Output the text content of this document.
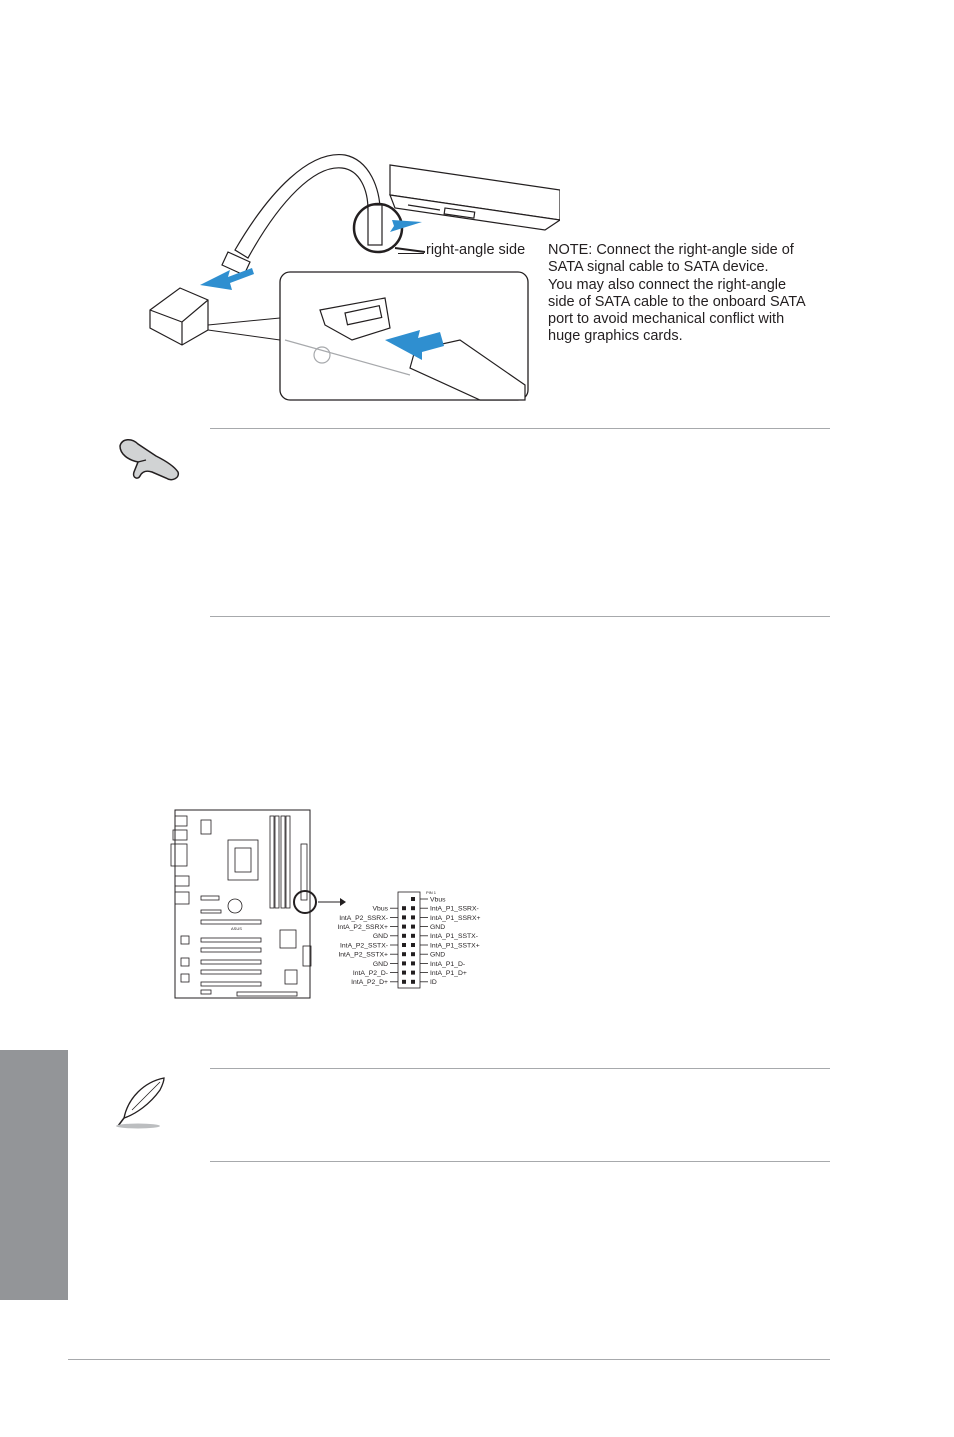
right-angle side NOTE: Connect the right-angle side of
SATA signal cable to SATA device.
You may also connect the right-angle
side of SATA cable to the onboard SATA
port to avoid mechanical conflict with
huge graphics cards.
ASUS
PIN 1
Vbus
IntA_P1_SSRX-
IntA_P1_SSRX+
GND
IntA_P1_SSTX-
IntA_P1_SSTX+
GND
IntA_P1_D-
IntA_P1_D+
ID
Vbus
IntA_P2_SSRX-
IntA_P2_SSRX+
GND
IntA_P2_SSTX-
IntA_P2_SSTX+
GND
IntA_P2_D-
IntA_P2_D+
